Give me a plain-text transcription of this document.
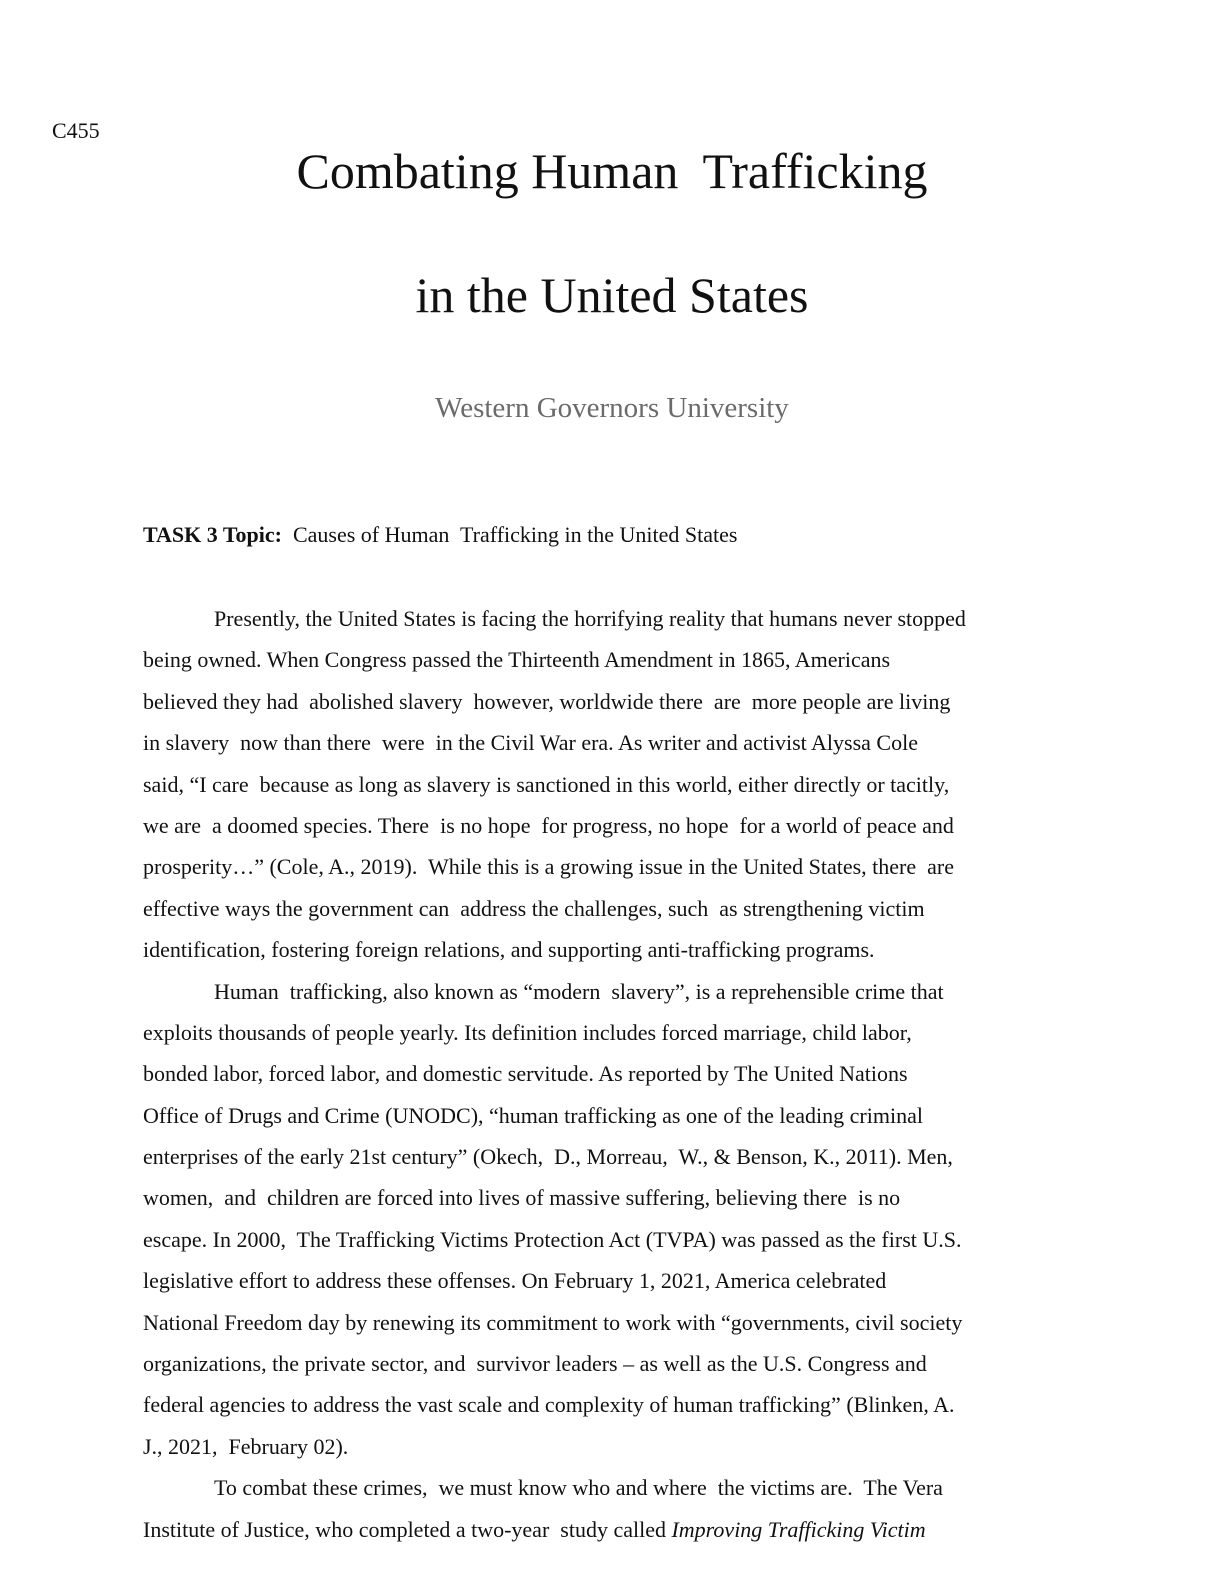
C455
Combating Human  Trafficking
in the United States
Western Governors University
TASK 3 Topic:  Causes of Human  Trafficking in the United States
Presently, the United States is facing the horrifying reality that humans never stopped
being owned. When Congress passed the Thirteenth Amendment in 1865, Americans
believed they had  abolished slavery  however, worldwide there  are  more people are living
in slavery  now than there  were  in the Civil War era. As writer and activist Alyssa Cole
said, “I care  because as long as slavery is sanctioned in this world, either directly or tacitly,
we are  a doomed species. There  is no hope  for progress, no hope  for a world of peace and
prosperity…” (Cole, A., 2019).  While this is a growing issue in the United States, there  are
effective ways the government can  address the challenges, such  as strengthening victim
identification, fostering foreign relations, and supporting anti-trafficking programs.
Human  trafficking, also known as “modern  slavery”, is a reprehensible crime that
exploits thousands of people yearly. Its definition includes forced marriage, child labor,
bonded labor, forced labor, and domestic servitude. As reported by The United Nations
Office of Drugs and Crime (UNODC), “human trafficking as one of the leading criminal
enterprises of the early 21st century” (Okech,  D., Morreau,  W., & Benson, K., 2011). Men,
women,  and  children are forced into lives of massive suffering, believing there  is no
escape. In 2000,  The Trafficking Victims Protection Act (TVPA) was passed as the first U.S.
legislative effort to address these offenses. On February 1, 2021, America celebrated
National Freedom day by renewing its commitment to work with “governments, civil society
organizations, the private sector, and  survivor leaders – as well as the U.S. Congress and
federal agencies to address the vast scale and complexity of human trafficking” (Blinken, A.
J., 2021,  February 02).
To combat these crimes,  we must know who and where  the victims are.  The Vera
Institute of Justice, who completed a two-year  study called Improving Trafficking Victim
